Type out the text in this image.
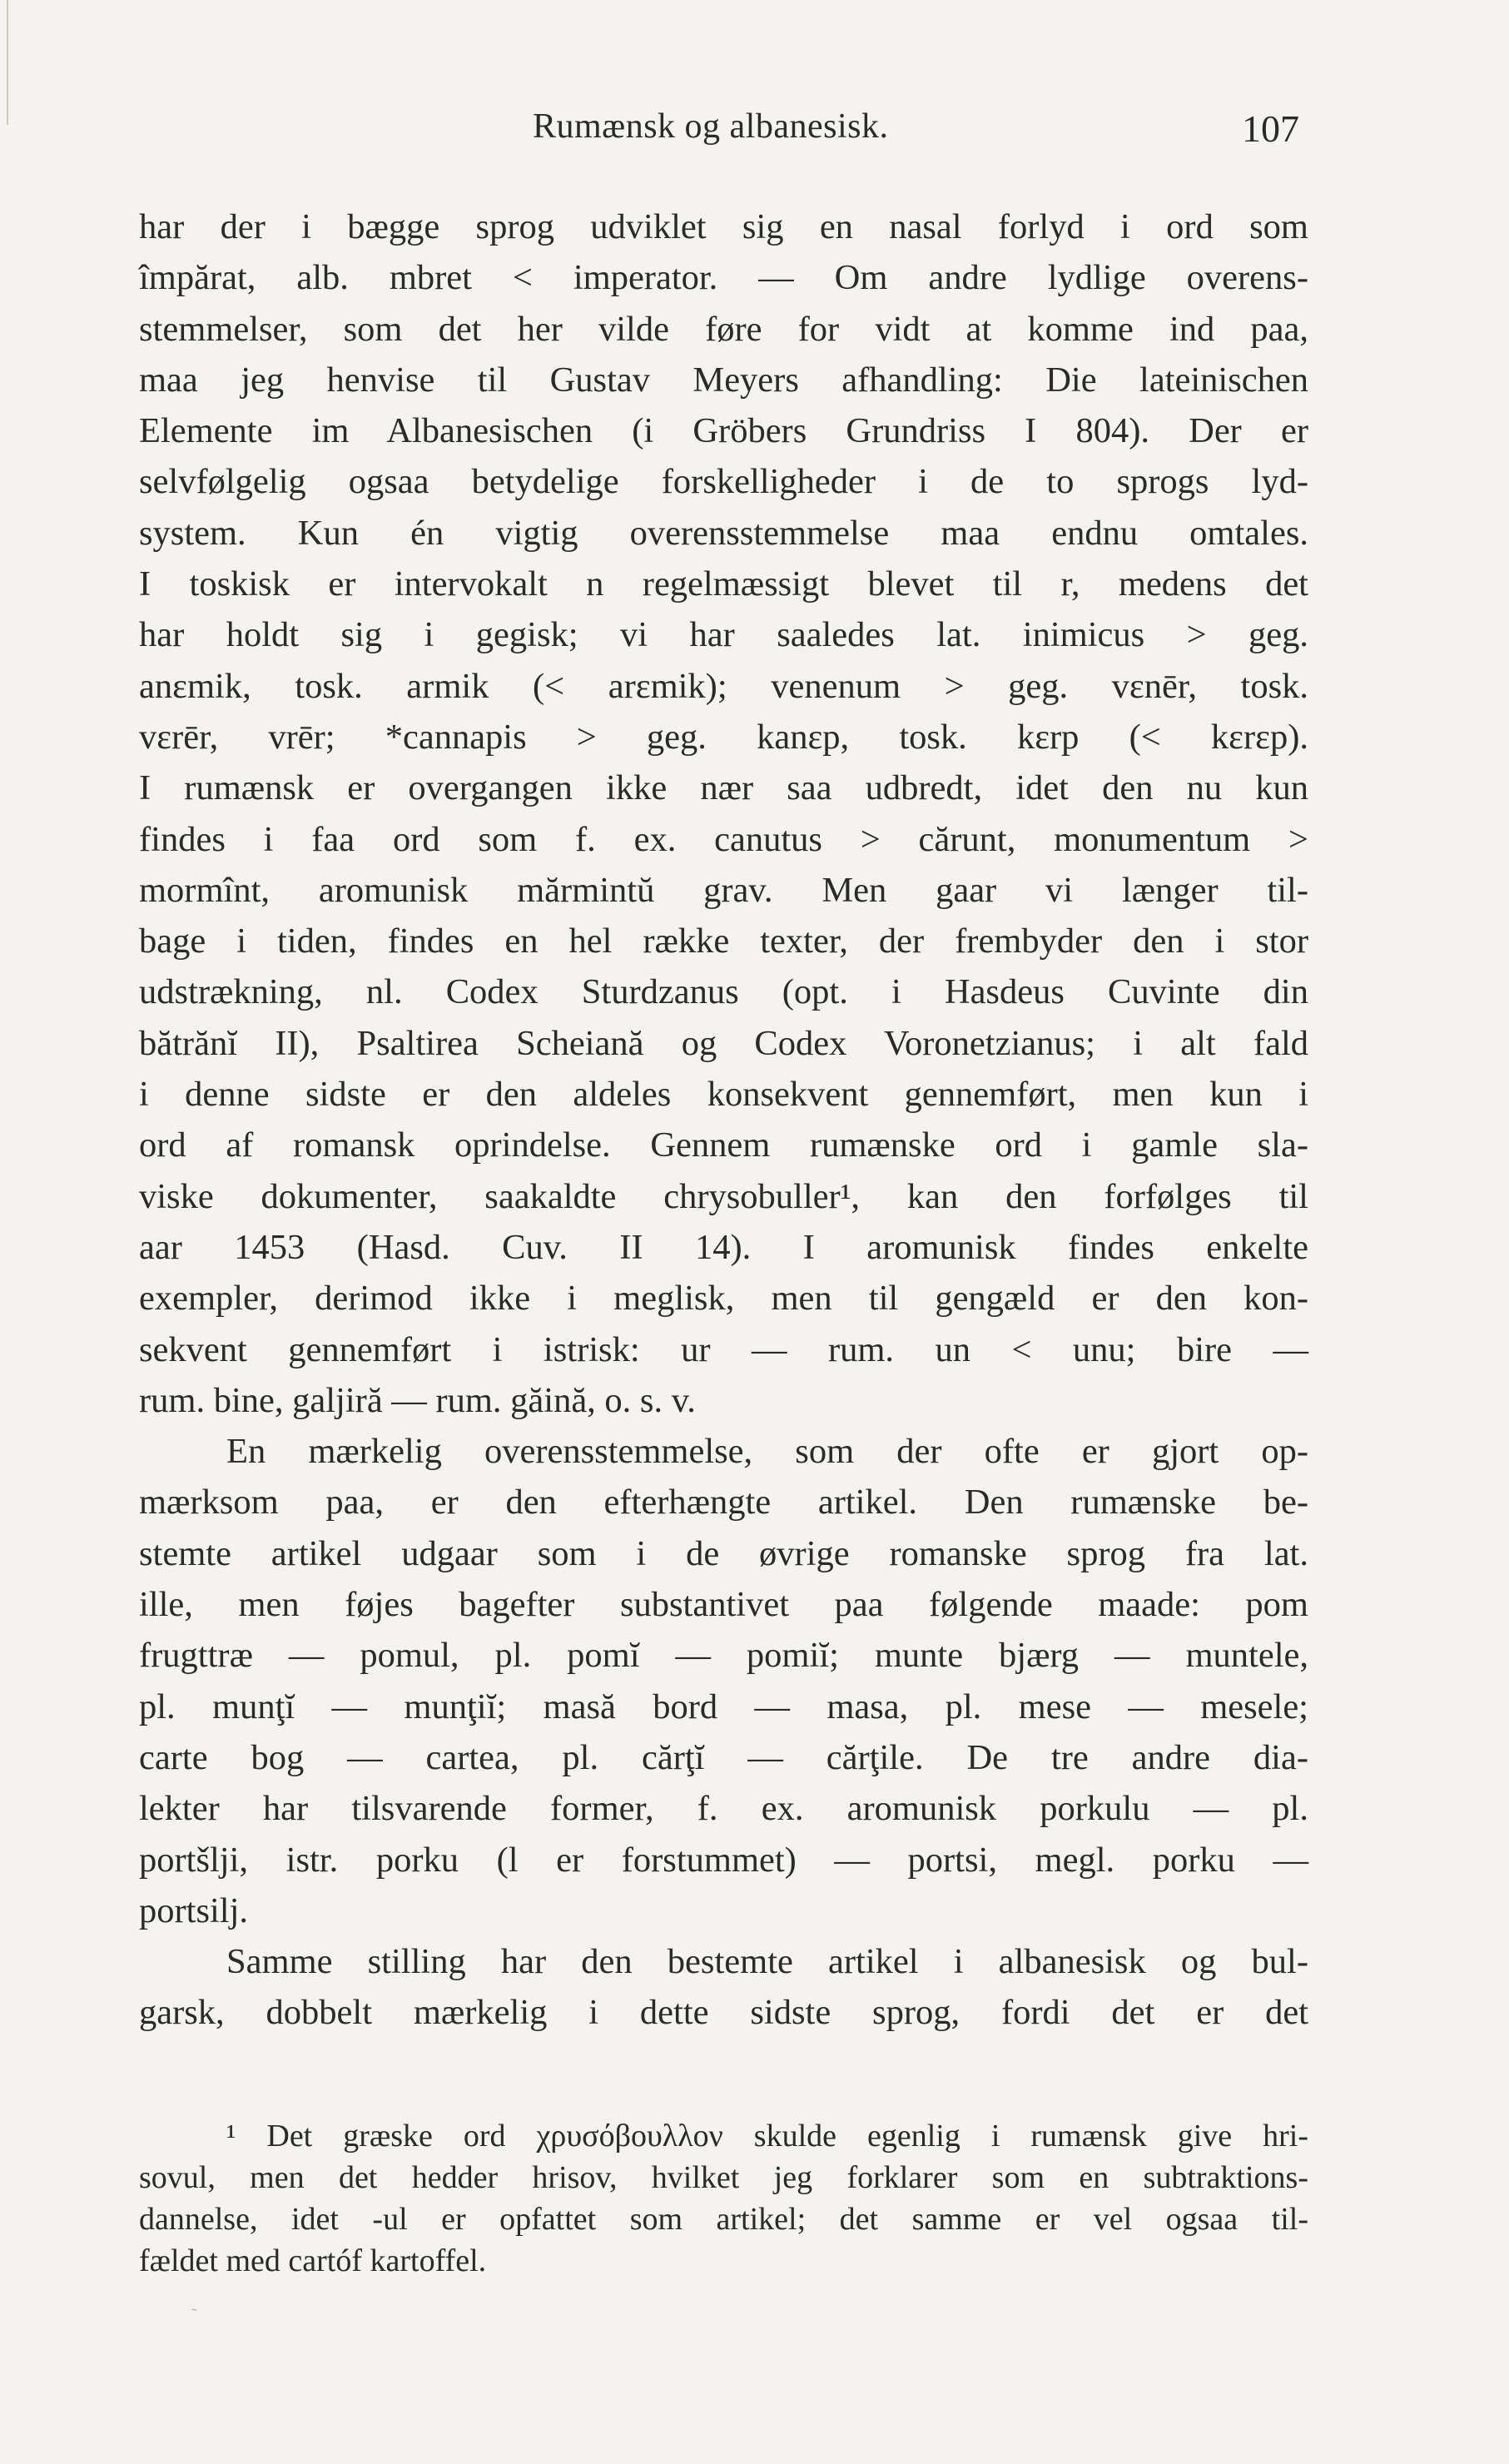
Rumænsk og albanesisk.	107
har der i bægge sprog udviklet sig en nasal forlyd i ord som
împărat, alb. mbret < imperator. — Om andre lydlige overens-
stemmelser, som det her vilde føre for vidt at komme ind paa,
maa jeg henvise til Gustav Meyers afhandling: Die lateinischen
Elemente im Albanesischen (i Gröbers Grundriss I 804). Der er
selvfølgelig ogsaa betydelige forskelligheder i de to sprogs lyd-
system. Kun én vigtig overensstemmelse maa endnu omtales.
I toskisk er intervokalt n regelmæssigt blevet til r, medens det
har holdt sig i gegisk; vi har saaledes lat. inimicus > geg.
anεmik, tosk. armik (< arεmik); venenum > geg. vεnēr, tosk.
vεrēr, vrēr; *cannapis > geg. kanεp, tosk. kεrp (< kεrεp).
I rumænsk er overgangen ikke nær saa udbredt, idet den nu kun
findes i faa ord som f. ex. canutus > cărunt, monumentum >
mormînt, aromunisk mărmintŭ grav. Men gaar vi længer til-
bage i tiden, findes en hel række texter, der frembyder den i stor
udstrækning, nl. Codex Sturdzanus (opt. i Hasdeus Cuvinte din
bătrănĭ II), Psaltirea Scheiană og Codex Voronetzianus; i alt fald
i denne sidste er den aldeles konsekvent gennemført, men kun i
ord af romansk oprindelse. Gennem rumænske ord i gamle sla-
viske dokumenter, saakaldte chrysobuller¹, kan den forfølges til
aar 1453 (Hasd. Cuv. II 14). I aromunisk findes enkelte
exempler, derimod ikke i meglisk, men til gengæld er den kon-
sekvent gennemført i istrisk: ur — rum. un < unu; bire —
rum. bine, galjiră — rum. găină, o. s. v.
En mærkelig overensstemmelse, som der ofte er gjort op-
mærksom paa, er den efterhængte artikel. Den rumænske be-
stemte artikel udgaar som i de øvrige romanske sprog fra lat.
ille, men føjes bagefter substantivet paa følgende maade: pom
frugttræ — pomul, pl. pomĭ — pomiĭ; munte bjærg — muntele,
pl. munţĭ — munţiĭ; masă bord — masa, pl. mese — mesele;
carte bog — cartea, pl. cărţĭ — cărţile. De tre andre dia-
lekter har tilsvarende former, f. ex. aromunisk porkulu — pl.
portšlji, istr. porku (l er forstummet) — portsi, megl. porku —
portsilj.
Samme stilling har den bestemte artikel i albanesisk og bul-
garsk, dobbelt mærkelig i dette sidste sprog, fordi det er det
¹ Det græske ord χρυσόβουλλον skulde egenlig i rumænsk give hri-
sovul, men det hedder hrisov, hvilket jeg forklarer som en subtraktions-
dannelse, idet -ul er opfattet som artikel; det samme er vel ogsaa til-
fældet med cartóf kartoffel.
˜
